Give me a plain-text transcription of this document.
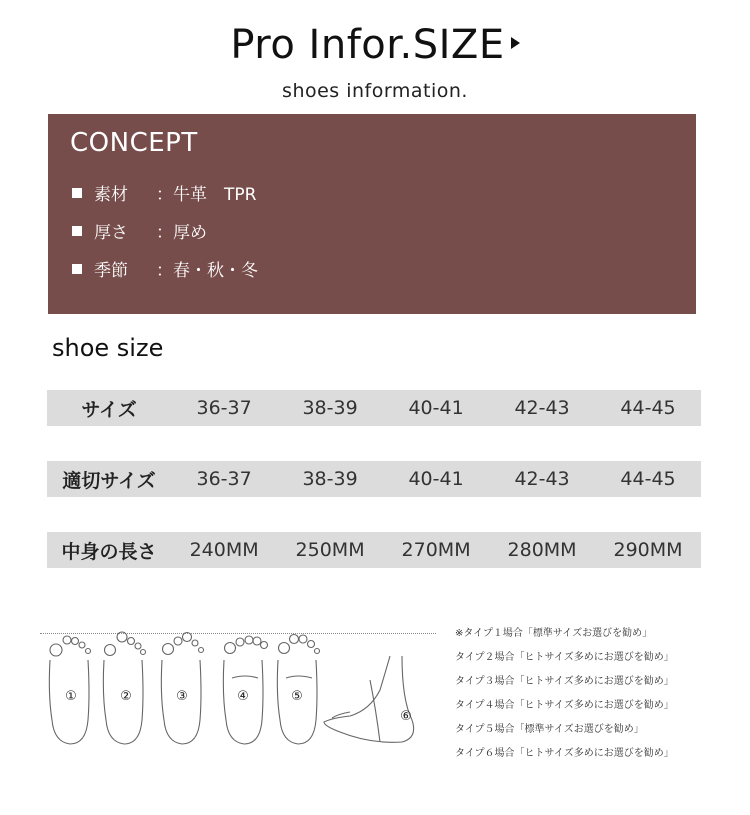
Pro Infor.SIZE
shoes information.
CONCEPT
素材	：牛革　TPR
厚さ	：厚め
季節	：春・秋・冬
shoe size
サイズ	36-37	38-39	40-41	42-43	44-45
適切サイズ	36-37	38-39	40-41	42-43	44-45
中身の長さ	240MM	250MM	270MM	280MM	290MM
①	②	③	④	⑤
⑥
※タイプ１場合「標準サイズお選びを勧め」
タイプ２場合「ヒトサイズ多めにお選びを勧め」
タイプ３場合「ヒトサイズ多めにお選びを勧め」
タイプ４場合「ヒトサイズ多めにお選びを勧め」
タイプ５場合「標準サイズお選びを勧め」
タイプ６場合「ヒトサイズ多めにお選びを勧め」
